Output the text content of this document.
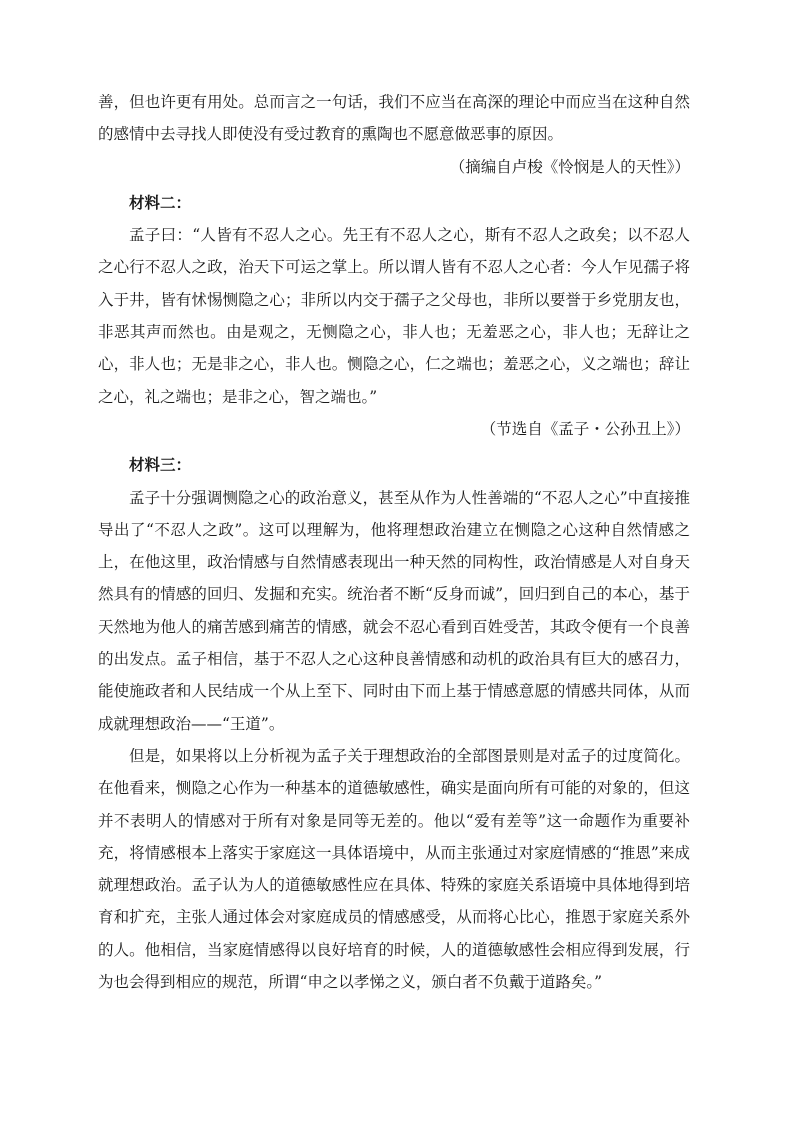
善，但也许更有用处。总而言之一句话，我们不应当在高深的理论中而应当在这种自然的感情中去寻找人即使没有受过教育的熏陶也不愿意做恶事的原因。

（摘编自卢梭《怜悯是人的天性》）

材料二：

孟子曰：“人皆有不忍人之心。先王有不忍人之心，斯有不忍人之政矣；以不忍人之心行不忍人之政，治天下可运之掌上。所以谓人皆有不忍人之心者：今人乍见孺子将入于井，皆有怵惕恻隐之心；非所以内交于孺子之父母也，非所以要誉于乡党朋友也，非恶其声而然也。由是观之，无恻隐之心，非人也；无羞恶之心，非人也；无辞让之心，非人也；无是非之心，非人也。恻隐之心，仁之端也；羞恶之心，义之端也；辞让之心，礼之端也；是非之心，智之端也。”

（节选自《孟子・公孙丑上》）

材料三：

孟子十分强调恻隐之心的政治意义，甚至从作为人性善端的“不忍人之心”中直接推导出了“不忍人之政”。这可以理解为，他将理想政治建立在恻隐之心这种自然情感之上，在他这里，政治情感与自然情感表现出一种天然的同构性，政治情感是人对自身天然具有的情感的回归、发掘和充实。统治者不断“反身而诚”，回归到自己的本心，基于天然地为他人的痛苦感到痛苦的情感，就会不忍心看到百姓受苦，其政令便有一个良善的出发点。孟子相信，基于不忍人之心这种良善情感和动机的政治具有巨大的感召力，能使施政者和人民结成一个从上至下、同时由下而上基于情感意愿的情感共同体，从而成就理想政治——“王道”。

但是，如果将以上分析视为孟子关于理想政治的全部图景则是对孟子的过度简化。在他看来，恻隐之心作为一种基本的道德敏感性，确实是面向所有可能的对象的，但这并不表明人的情感对于所有对象是同等无差的。他以“爱有差等”这一命题作为重要补充，将情感根本上落实于家庭这一具体语境中，从而主张通过对家庭情感的“推恩”来成就理想政治。孟子认为人的道德敏感性应在具体、特殊的家庭关系语境中具体地得到培育和扩充，主张人通过体会对家庭成员的情感感受，从而将心比心，推恩于家庭关系外的人。他相信，当家庭情感得以良好培育的时候，人的道德敏感性会相应得到发展，行为也会得到相应的规范，所谓“申之以孝悌之义，颁白者不负戴于道路矣。”
